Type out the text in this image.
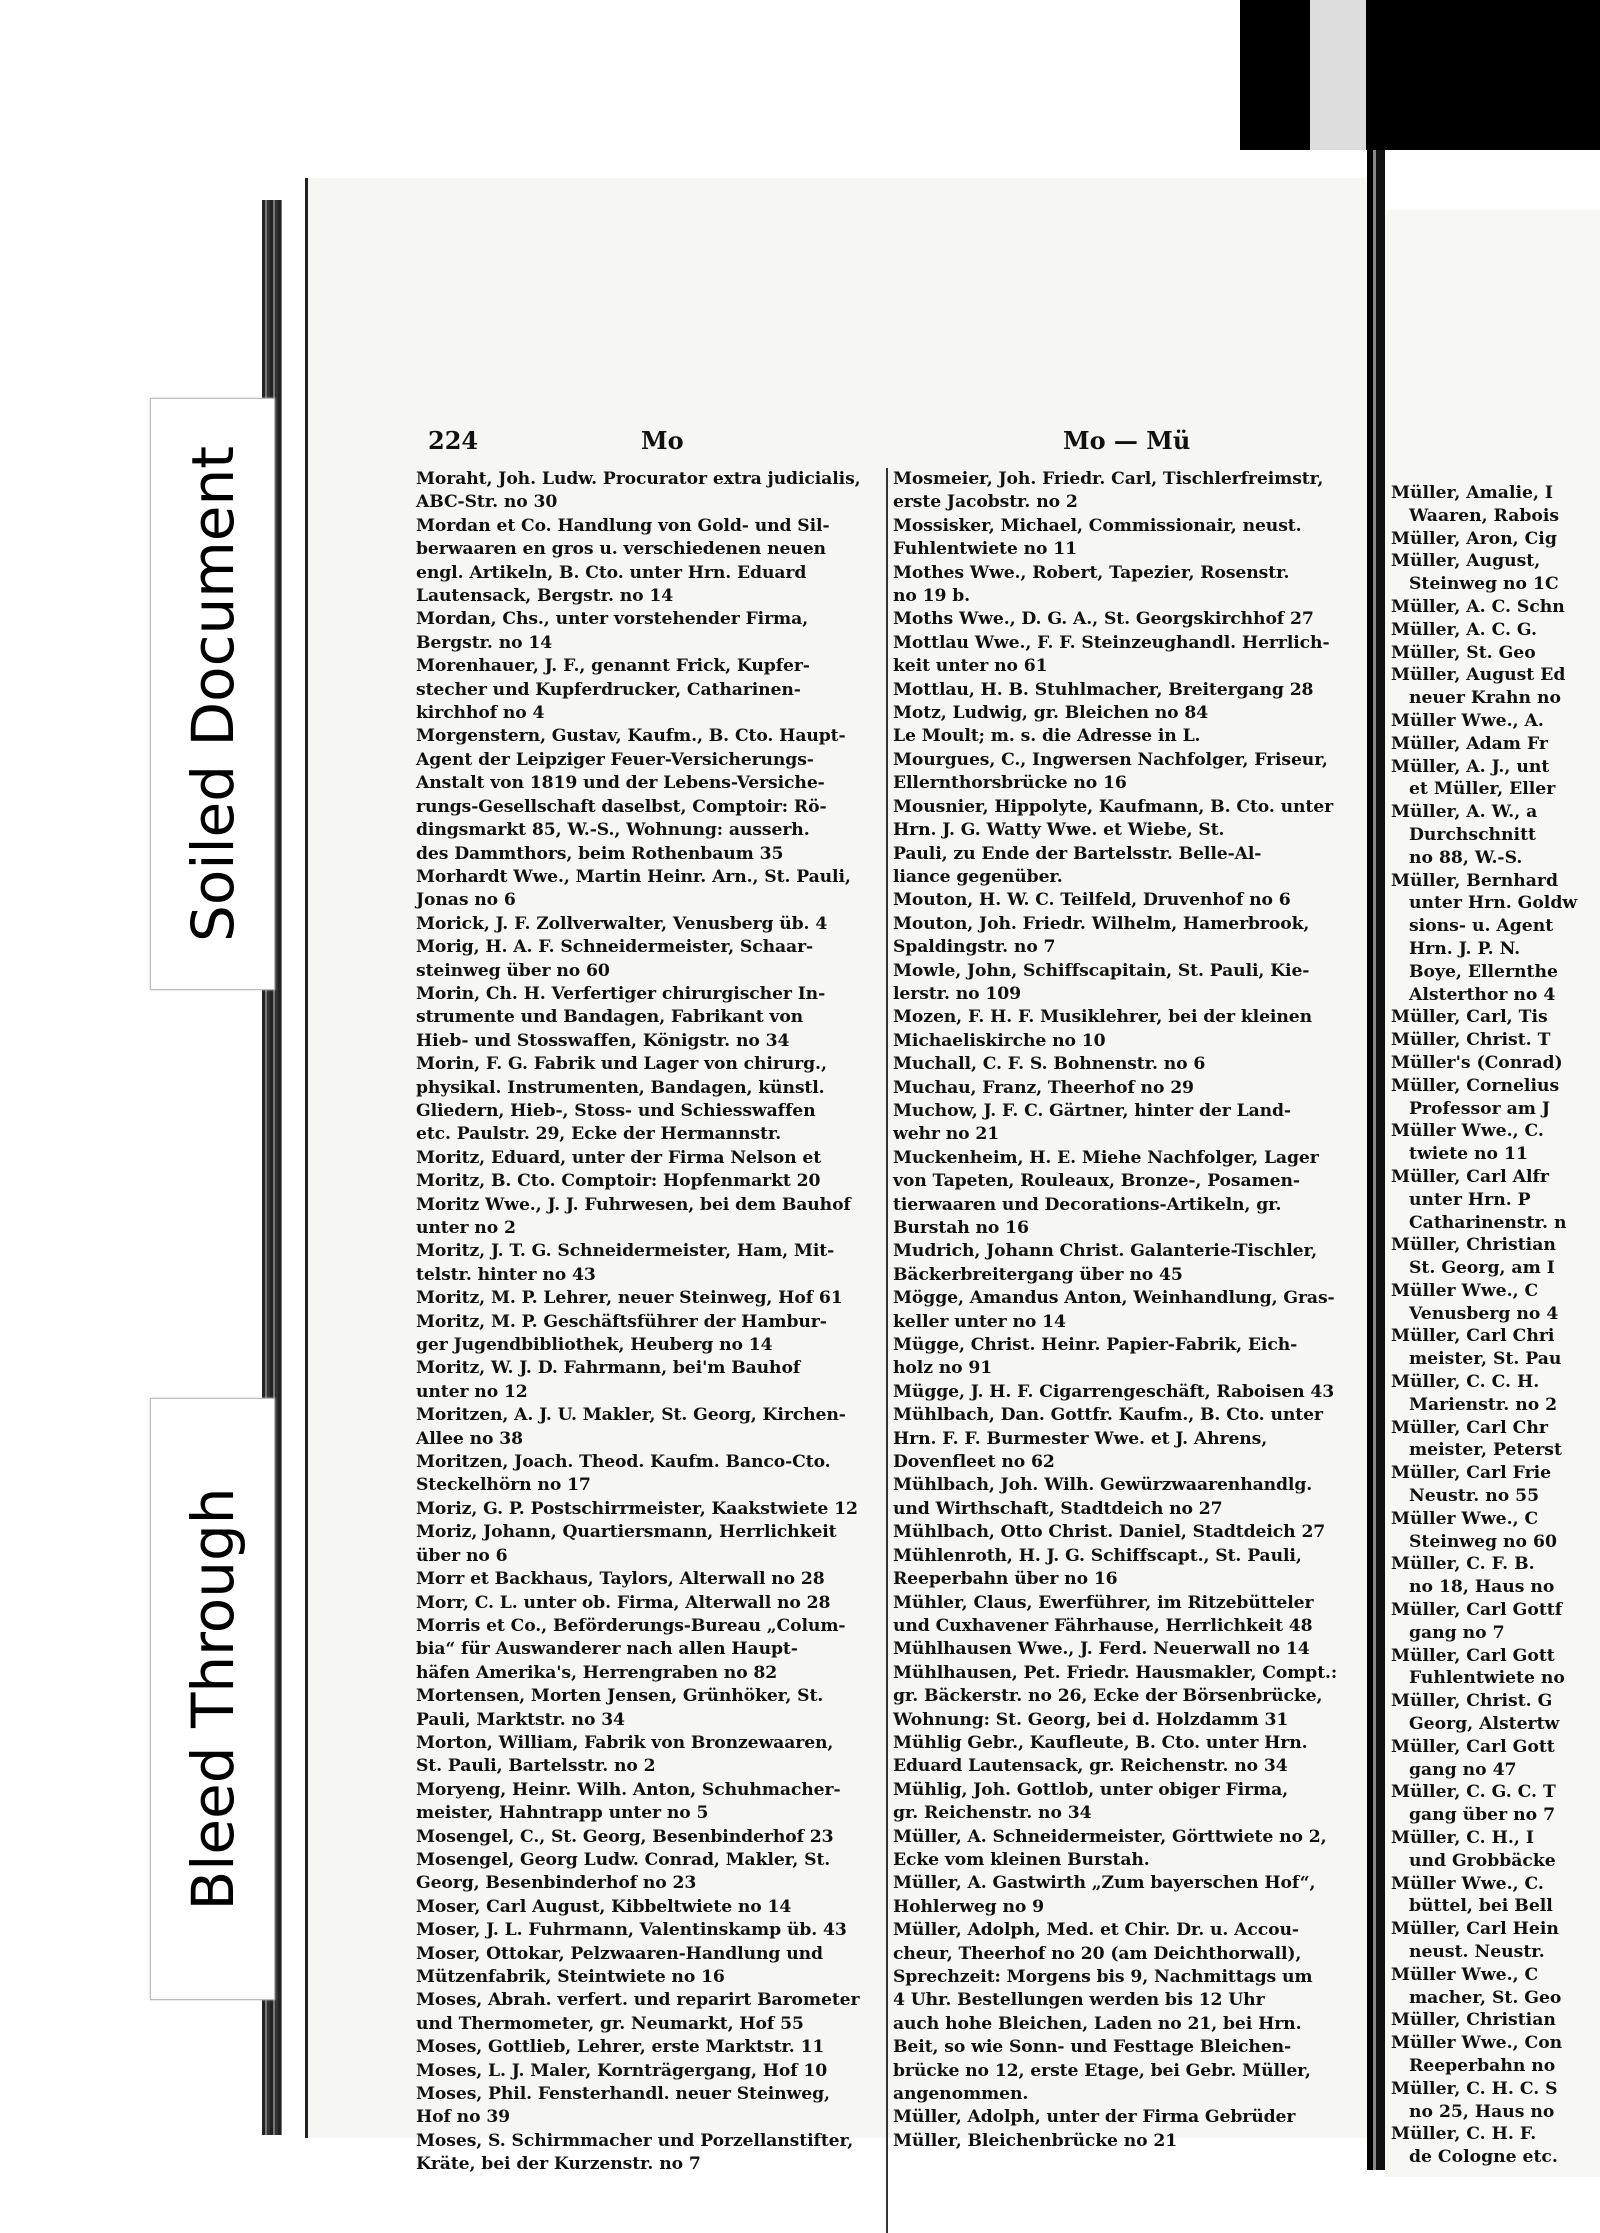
224	Mo	Mo — Mü
Moraht, Joh. Ludw. Procurator extra judicialis,
ABC-Str. no 30
Mordan et Co. Handlung von Gold- und Sil-
berwaaren en gros u. verschiedenen neuen
engl. Artikeln, B. Cto. unter Hrn. Eduard
Lautensack, Bergstr. no 14
Mordan, Chs., unter vorstehender Firma,
Bergstr. no 14
Morenhauer, J. F., genannt Frick, Kupfer-
stecher und Kupferdrucker, Catharinen-
kirchhof no 4
Morgenstern, Gustav, Kaufm., B. Cto. Haupt-
Agent der Leipziger Feuer-Versicherungs-
Anstalt von 1819 und der Lebens-Versiche-
rungs-Gesellschaft daselbst, Comptoir: Rö-
dingsmarkt 85, W.-S., Wohnung: ausserh.
des Dammthors, beim Rothenbaum 35
Morhardt Wwe., Martin Heinr. Arn., St. Pauli,
Jonas no 6
Morick, J. F. Zollverwalter, Venusberg üb. 4
Morig, H. A. F. Schneidermeister, Schaar-
steinweg über no 60
Morin, Ch. H. Verfertiger chirurgischer In-
strumente und Bandagen, Fabrikant von
Hieb- und Stosswaffen, Königstr. no 34
Morin, F. G. Fabrik und Lager von chirurg.,
physikal. Instrumenten, Bandagen, künstl.
Gliedern, Hieb-, Stoss- und Schiesswaffen
etc. Paulstr. 29, Ecke der Hermannstr.
Moritz, Eduard, unter der Firma Nelson et
Moritz, B. Cto. Comptoir: Hopfenmarkt 20
Moritz Wwe., J. J. Fuhrwesen, bei dem Bauhof
unter no 2
Moritz, J. T. G. Schneidermeister, Ham, Mit-
telstr. hinter no 43
Moritz, M. P. Lehrer, neuer Steinweg, Hof 61
Moritz, M. P. Geschäftsführer der Hambur-
ger Jugendbibliothek, Heuberg no 14
Moritz, W. J. D. Fahrmann, bei'm Bauhof
unter no 12
Moritzen, A. J. U. Makler, St. Georg, Kirchen-
Allee no 38
Moritzen, Joach. Theod. Kaufm. Banco-Cto.
Steckelhörn no 17
Moriz, G. P. Postschirrmeister, Kaakstwiete 12
Moriz, Johann, Quartiersmann, Herrlichkeit
über no 6
Morr et Backhaus, Taylors, Alterwall no 28
Morr, C. L. unter ob. Firma, Alterwall no 28
Morris et Co., Beförderungs-Bureau „Colum-
bia“ für Auswanderer nach allen Haupt-
häfen Amerika's, Herrengraben no 82
Mortensen, Morten Jensen, Grünhöker, St.
Pauli, Marktstr. no 34
Morton, William, Fabrik von Bronzewaaren,
St. Pauli, Bartelsstr. no 2
Moryeng, Heinr. Wilh. Anton, Schuhmacher-
meister, Hahntrapp unter no 5
Mosengel, C., St. Georg, Besenbinderhof 23
Mosengel, Georg Ludw. Conrad, Makler, St.
Georg, Besenbinderhof no 23
Moser, Carl August, Kibbeltwiete no 14
Moser, J. L. Fuhrmann, Valentinskamp üb. 43
Moser, Ottokar, Pelzwaaren-Handlung und
Mützenfabrik, Steintwiete no 16
Moses, Abrah. verfert. und reparirt Barometer
und Thermometer, gr. Neumarkt, Hof 55
Moses, Gottlieb, Lehrer, erste Marktstr. 11
Moses, L. J. Maler, Kornträgergang, Hof 10
Moses, Phil. Fensterhandl. neuer Steinweg,
Hof no 39
Moses, S. Schirmmacher und Porzellanstifter,
Kräte, bei der Kurzenstr. no 7
Mosmeier, Joh. Friedr. Carl, Tischlerfreimstr,
erste Jacobstr. no 2
Mossisker, Michael, Commissionair, neust.
Fuhlentwiete no 11
Mothes Wwe., Robert, Tapezier, Rosenstr.
no 19 b.
Moths Wwe., D. G. A., St. Georgskirchhof 27
Mottlau Wwe., F. F. Steinzeughandl. Herrlich-
keit unter no 61
Mottlau, H. B. Stuhlmacher, Breitergang 28
Motz, Ludwig, gr. Bleichen no 84
Le Moult; m. s. die Adresse in L.
Mourgues, C., Ingwersen Nachfolger, Friseur,
Ellernthorsbrücke no 16
Mousnier, Hippolyte, Kaufmann, B. Cto. unter
Hrn. J. G. Watty Wwe. et Wiebe, St.
Pauli, zu Ende der Bartelsstr. Belle-Al-
liance gegenüber.
Mouton, H. W. C. Teilfeld, Druvenhof no 6
Mouton, Joh. Friedr. Wilhelm, Hamerbrook,
Spaldingstr. no 7
Mowle, John, Schiffscapitain, St. Pauli, Kie-
lerstr. no 109
Mozen, F. H. F. Musiklehrer, bei der kleinen
Michaeliskirche no 10
Muchall, C. F. S. Bohnenstr. no 6
Muchau, Franz, Theerhof no 29
Muchow, J. F. C. Gärtner, hinter der Land-
wehr no 21
Muckenheim, H. E. Miehe Nachfolger, Lager
von Tapeten, Rouleaux, Bronze-, Posamen-
tierwaaren und Decorations-Artikeln, gr.
Burstah no 16
Mudrich, Johann Christ. Galanterie-Tischler,
Bäckerbreitergang über no 45
Mögge, Amandus Anton, Weinhandlung, Gras-
keller unter no 14
Mügge, Christ. Heinr. Papier-Fabrik, Eich-
holz no 91
Mügge, J. H. F. Cigarrengeschäft, Raboisen 43
Mühlbach, Dan. Gottfr. Kaufm., B. Cto. unter
Hrn. F. F. Burmester Wwe. et J. Ahrens,
Dovenfleet no 62
Mühlbach, Joh. Wilh. Gewürzwaarenhandlg.
und Wirthschaft, Stadtdeich no 27
Mühlbach, Otto Christ. Daniel, Stadtdeich 27
Mühlenroth, H. J. G. Schiffscapt., St. Pauli,
Reeperbahn über no 16
Mühler, Claus, Ewerführer, im Ritzebütteler
und Cuxhavener Fährhause, Herrlichkeit 48
Mühlhausen Wwe., J. Ferd. Neuerwall no 14
Mühlhausen, Pet. Friedr. Hausmakler, Compt.:
gr. Bäckerstr. no 26, Ecke der Börsenbrücke,
Wohnung: St. Georg, bei d. Holzdamm 31
Mühlig Gebr., Kaufleute, B. Cto. unter Hrn.
Eduard Lautensack, gr. Reichenstr. no 34
Mühlig, Joh. Gottlob, unter obiger Firma,
gr. Reichenstr. no 34
Müller, A. Schneidermeister, Görttwiete no 2,
Ecke vom kleinen Burstah.
Müller, A. Gastwirth „Zum bayerschen Hof“,
Hohlerweg no 9
Müller, Adolph, Med. et Chir. Dr. u. Accou-
cheur, Theerhof no 20 (am Deichthorwall),
Sprechzeit: Morgens bis 9, Nachmittags um
4 Uhr. Bestellungen werden bis 12 Uhr
auch hohe Bleichen, Laden no 21, bei Hrn.
Beit, so wie Sonn- und Festtage Bleichen-
brücke no 12, erste Etage, bei Gebr. Müller,
angenommen.
Müller, Adolph, unter der Firma Gebrüder
Müller, Bleichenbrücke no 21
Müller, Amalie, I
Waaren, Rabois
Müller, Aron, Cig
Müller, August,
Steinweg no 1C
Müller, A. C. Schn
Müller, A. C. G.
Müller, St. Geo
Müller, August Ed
neuer Krahn no
Müller Wwe., A.
Müller, Adam Fr
Müller, A. J., unt
et Müller, Eller
Müller, A. W., a
Durchschnitt
no 88, W.-S.
Müller, Bernhard
unter Hrn. Goldw
sions- u. Agent
Hrn. J. P. N.
Boye, Ellernthe
Alsterthor no 4
Müller, Carl, Tis
Müller, Christ. T
Müller's (Conrad)
Müller, Cornelius
Professor am J
Müller Wwe., C.
twiete no 11
Müller, Carl Alfr
unter Hrn. P
Catharinenstr. n
Müller, Christian
St. Georg, am I
Müller Wwe., C
Venusberg no 4
Müller, Carl Chri
meister, St. Pau
Müller, C. C. H.
Marienstr. no 2
Müller, Carl Chr
meister, Peterst
Müller, Carl Frie
Neustr. no 55
Müller Wwe., C
Steinweg no 60
Müller, C. F. B.
no 18, Haus no
Müller, Carl Gottf
gang no 7
Müller, Carl Gott
Fuhlentwiete no
Müller, Christ. G
Georg, Alstertw
Müller, Carl Gott
gang no 47
Müller, C. G. C. T
gang über no 7
Müller, C. H., I
und Grobbäcke
Müller Wwe., C.
büttel, bei Bell
Müller, Carl Hein
neust. Neustr.
Müller Wwe., C
macher, St. Geo
Müller, Christian
Müller Wwe., Con
Reeperbahn no
Müller, C. H. C. S
no 25, Haus no
Müller, C. H. F.
de Cologne etc.
Soiled Document
Bleed Through
